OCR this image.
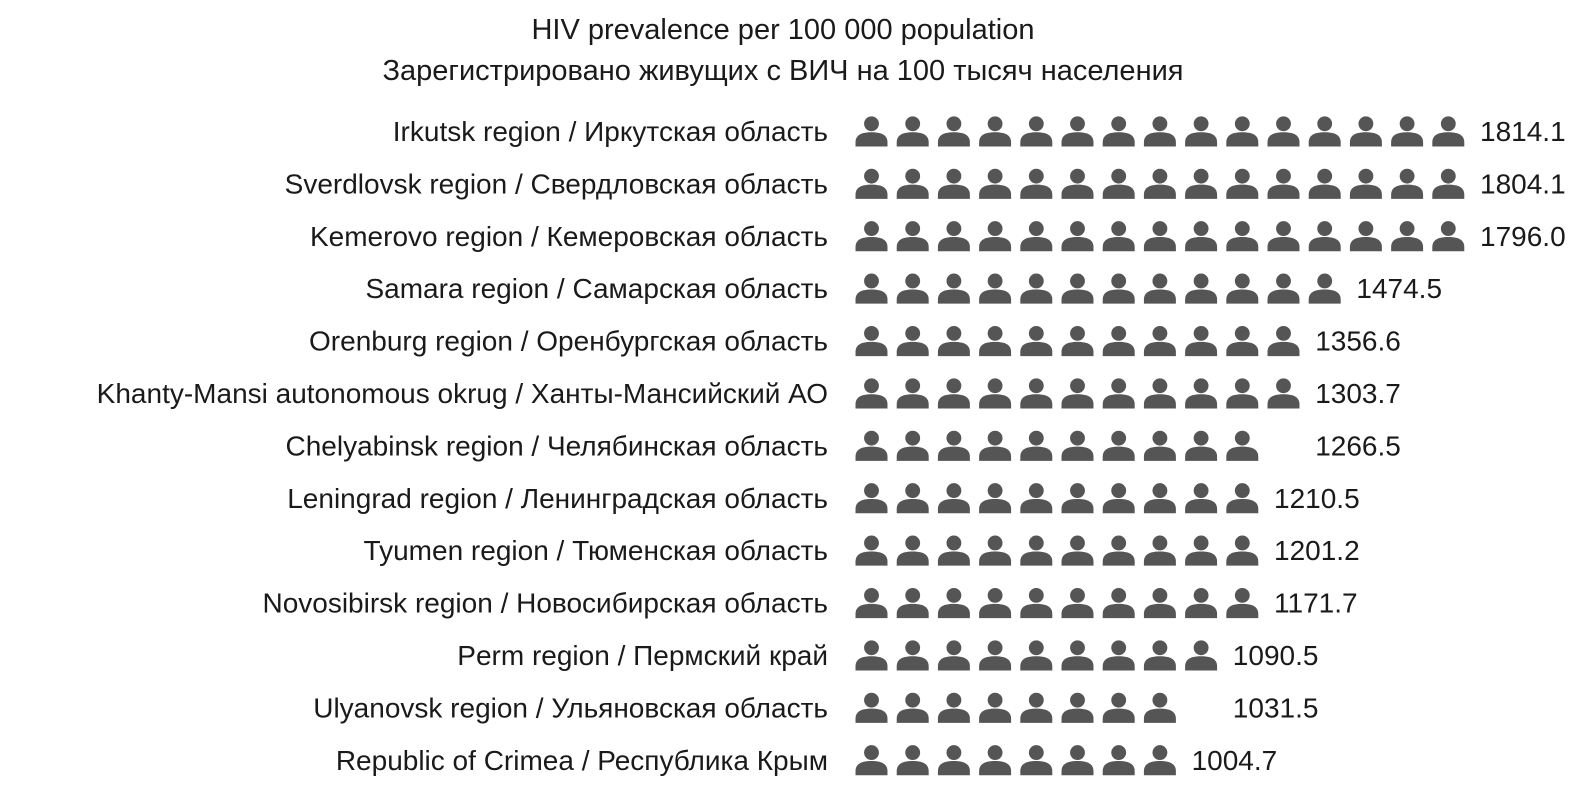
HIV prevalence per 100 000 population
Зарегистрировано живущих с ВИЧ на 100 тысяч населения
Irkutsk region / Иркутская область	1814.1
Sverdlovsk region / Свердловская область	1804.1
Kemerovo region / Кемеровская область	1796.0
Samara region / Самарская область	1474.5
Orenburg region / Оренбургская область	1356.6
Khanty-Mansi autonomous okrug / Ханты-Мансийский АО	1303.7
Chelyabinsk region / Челябинская область	1266.5
Leningrad region / Ленинградская область	1210.5
Tyumen region / Тюменская область	1201.2
Novosibirsk region / Новосибирская область	1171.7
Perm region / Пермский край	1090.5
Ulyanovsk region / Ульяновская область	1031.5
Republic of Crimea / Республика Крым	1004.7
